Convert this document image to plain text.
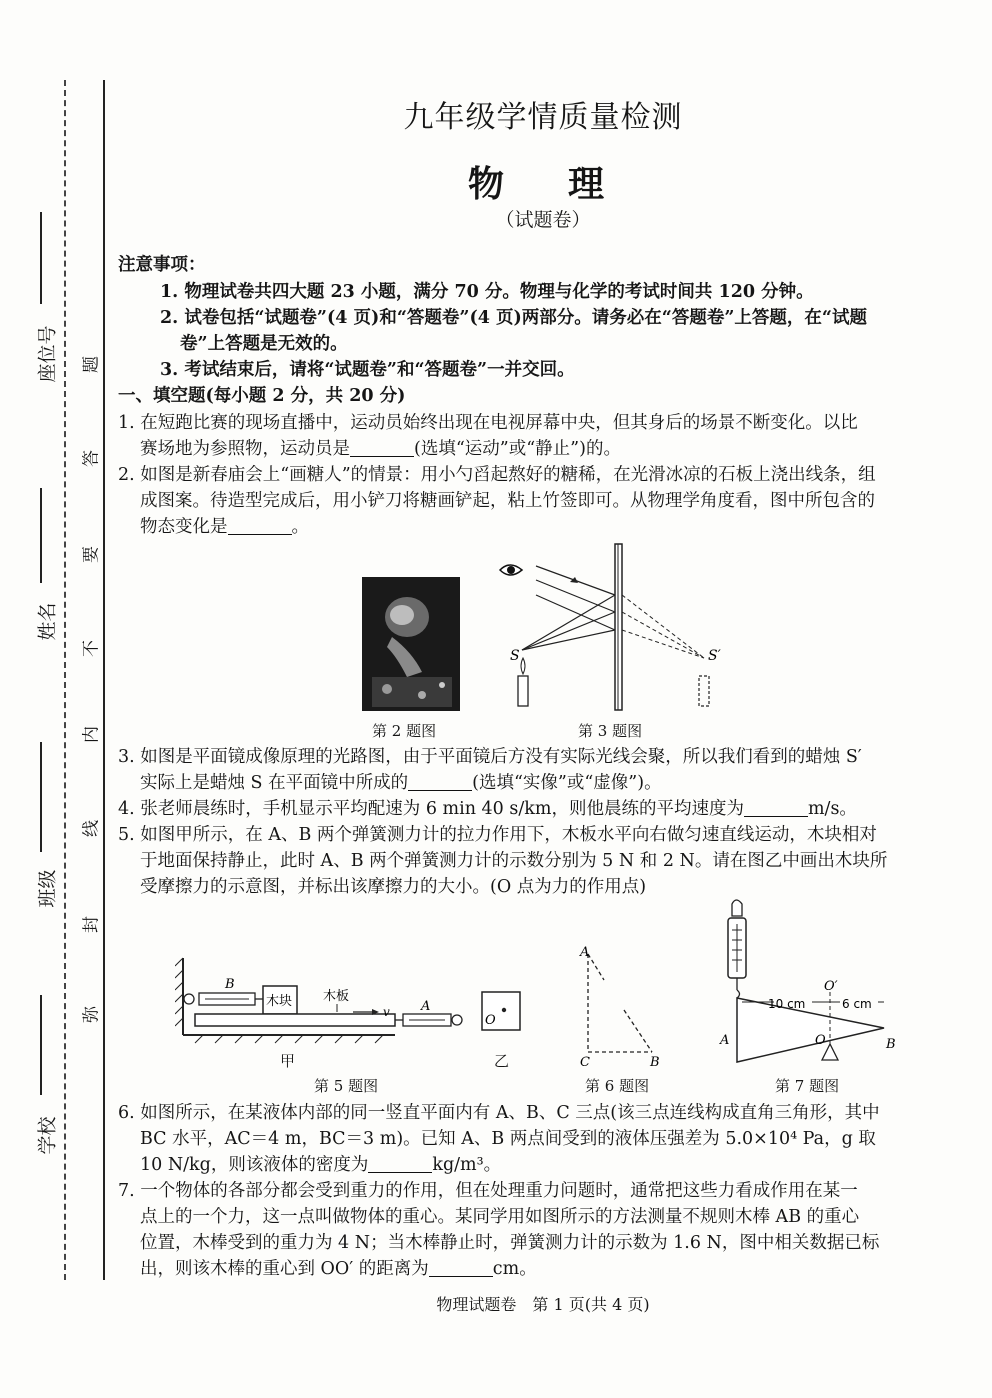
座位号
姓名
班级
学校
题
答
要
不
内
线
封
弥
九年级学情质量检测
物　理
（试题卷）
注意事项：
1. 物理试卷共四大题 23 小题，满分 70 分。物理与化学的考试时间共 120 分钟。
2. 试卷包括“试题卷”(4 页)和“答题卷”(4 页)两部分。请务必在“答题卷”上答题，在“试题
卷”上答题是无效的。
3. 考试结束后，请将“试题卷”和“答题卷”一并交回。
一、填空题(每小题 2 分，共 20 分)
1. 在短跑比赛的现场直播中，运动员始终出现在电视屏幕中央，但其身后的场景不断变化。以比
赛场地为参照物，运动员是	(选填“运动”或“静止”)的。
2. 如图是新春庙会上“画糖人”的情景：用小勺舀起熬好的糖稀，在光滑冰凉的石板上浇出线条，组
成图案。待造型完成后，用小铲刀将糖画铲起，粘上竹签即可。从物理学角度看，图中所包含的
物态变化是	。
第 2 题图
S	S′
第 3 题图
3. 如图是平面镜成像原理的光路图，由于平面镜后方没有实际光线会聚，所以我们看到的蜡烛 S′
实际上是蜡烛 S 在平面镜中所成的	(选填“实像”或“虚像”)。
4. 张老师晨练时，手机显示平均配速为 6 min 40 s/km，则他晨练的平均速度为	m/s。
5. 如图甲所示，在 A、B 两个弹簧测力计的拉力作用下，木板水平向右做匀速直线运动，木块相对
于地面保持静止，此时 A、B 两个弹簧测力计的示数分别为 5 N 和 2 N。请在图乙中画出木块所
受摩擦力的示意图，并标出该摩擦力的大小。(O 点为力的作用点)
B
木块 木板
v A
甲
O
乙
第 5 题图
A
C	B
第 6 题图
O′
10 cm	6 cm
A	O	B
第 7 题图
6. 如图所示，在某液体内部的同一竖直平面内有 A、B、C 三点(该三点连线构成直角三角形，其中
BC 水平，AC＝4 m，BC＝3 m)。已知 A、B 两点间受到的液体压强差为 5.0×10⁴ Pa，g 取
10 N/kg，则该液体的密度为	kg/m³。
7. 一个物体的各部分都会受到重力的作用，但在处理重力问题时，通常把这些力看成作用在某一
点上的一个力，这一点叫做物体的重心。某同学用如图所示的方法测量不规则木棒 AB 的重心
位置，木棒受到的重力为 4 N；当木棒静止时，弹簧测力计的示数为 1.6 N，图中相关数据已标
出，则该木棒的重心到 OO′ 的距离为	cm。
物理试题卷　第 1 页(共 4 页)
